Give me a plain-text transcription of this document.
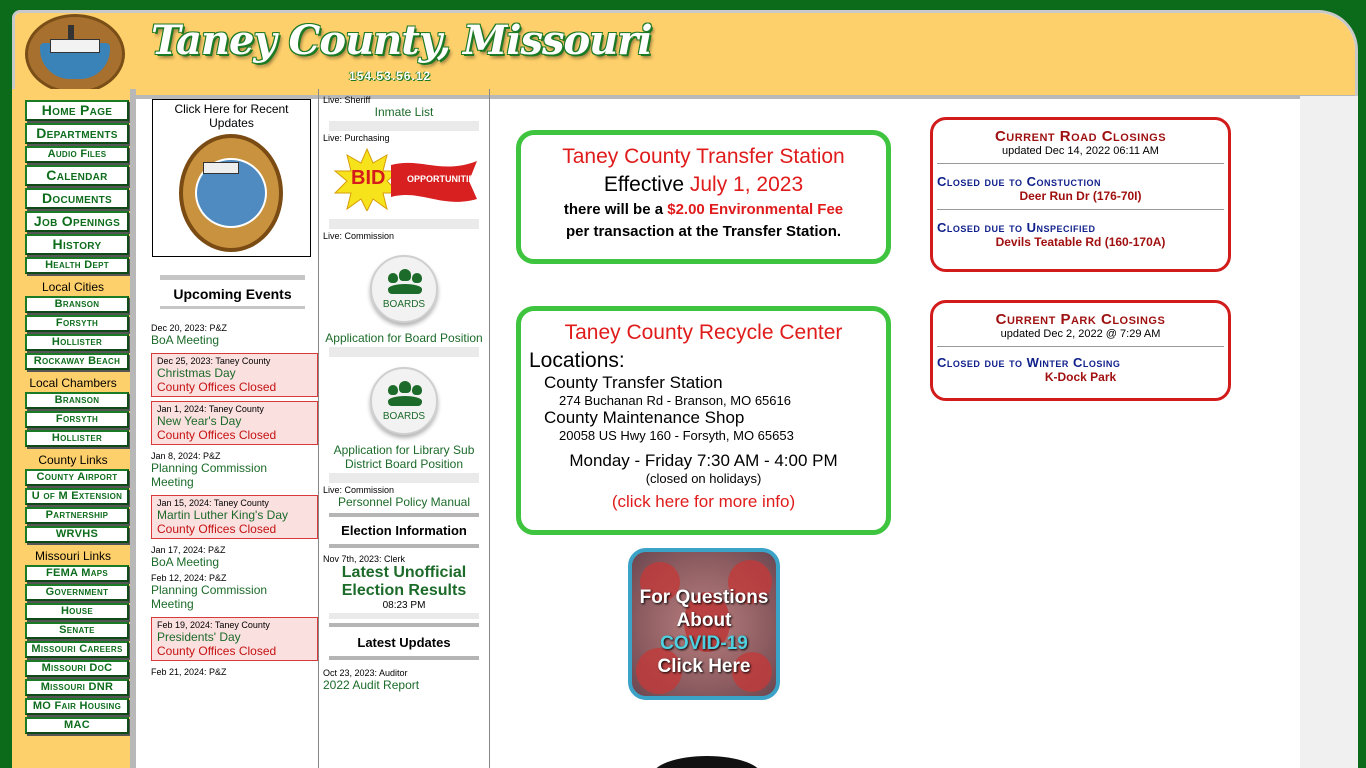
Taney County, Missouri
154.53.56.12
Home Page
Departments
Audio Files
Calendar
Documents
Job Openings
History
Health Dept
Local Cities
Branson
Forsyth
Hollister
Rockaway Beach
Local Chambers
Branson
Forsyth
Hollister
County Links
County Airport
U of M Extension
Partnership
WRVHS
Missouri Links
FEMA Maps
Government
House
Senate
Missouri Careers
Missouri DoC
Missouri DNR
MO Fair Housing
MAC
Click Here for Recent Updates
Upcoming Events
Dec 20, 2023: P&Z
BoA Meeting
Dec 25, 2023: Taney County
Christmas Day
County Offices Closed
Jan 1, 2024: Taney County
New Year's Day
County Offices Closed
Jan 8, 2024: P&Z
Planning Commission Meeting
Jan 15, 2024: Taney County
Martin Luther King's Day
County Offices Closed
Jan 17, 2024: P&Z
BoA Meeting
Feb 12, 2024: P&Z
Planning Commission Meeting
Feb 19, 2024: Taney County
Presidents' Day
County Offices Closed
Feb 21, 2024: P&Z
Live: Sheriff
Inmate List
Live: Purchasing
BID OPPORTUNITIES
Live: Commission
BOARDS
Application for Board Position
BOARDS
Application for Library Sub District Board Position
Live: Commission
Personnel Policy Manual
Election Information
Nov 7th, 2023: Clerk
Latest Unofficial Election Results
08:23 PM
Latest Updates
Oct 23, 2023: Auditor
2022 Audit Report
Taney County Transfer Station
Effective July 1, 2023
there will be a $2.00 Environmental Fee
per transaction at the Transfer Station.
Taney County Recycle Center
Locations:
County Transfer Station
274 Buchanan Rd - Branson, MO 65616
County Maintenance Shop
20058 US Hwy 160 - Forsyth, MO 65653
Monday - Friday 7:30 AM - 4:00 PM
(closed on holidays)
(click here for more info)
For Questions
About
COVID-19
Click Here
Current Road Closings
updated Dec 14, 2022 06:11 AM
Closed due to Constuction
Deer Run Dr (176-70I)
Closed due to Unspecified
Devils Teatable Rd (160-170A)
Current Park Closings
updated Dec 2, 2022 @ 7:29 AM
Closed due to Winter Closing
K-Dock Park
